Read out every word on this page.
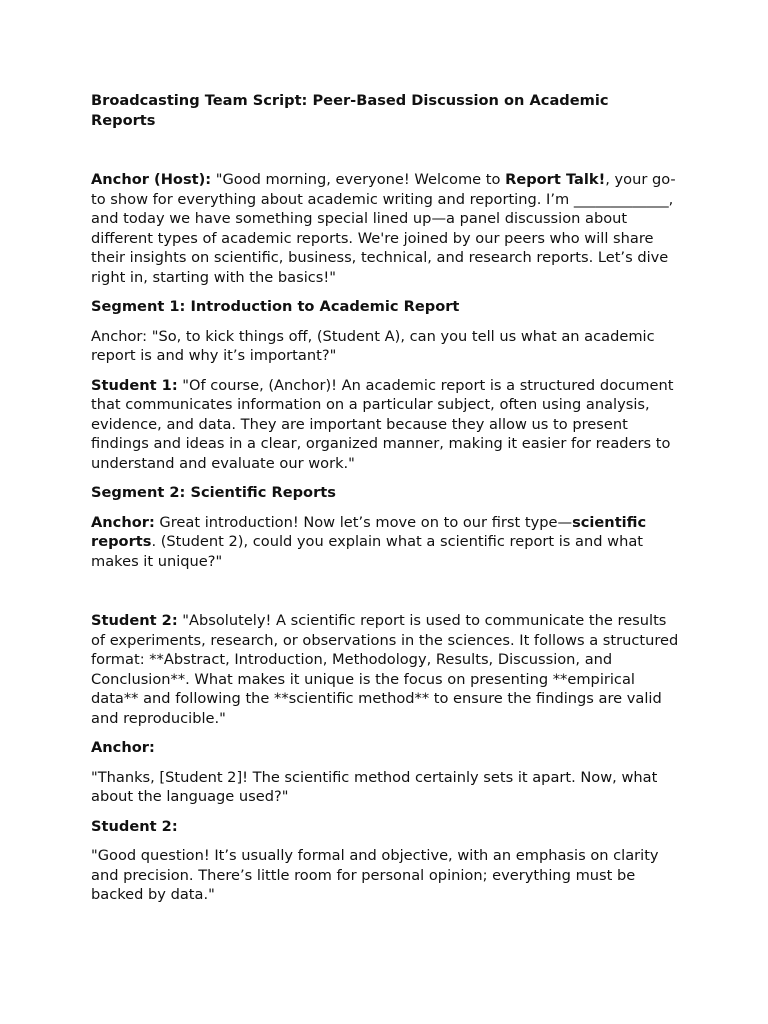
Broadcasting Team Script: Peer-Based Discussion on Academic Reports

Anchor (Host): "Good morning, everyone! Welcome to Report Talk!, your go-to show for everything about academic writing and reporting. I’m _____________, and today we have something special lined up—a panel discussion about different types of academic reports. We're joined by our peers who will share their insights on scientific, business, technical, and research reports. Let’s dive right in, starting with the basics!"

Segment 1: Introduction to Academic Report

Anchor: "So, to kick things off, (Student A), can you tell us what an academic report is and why it’s important?"

Student 1: "Of course, (Anchor)! An academic report is a structured document that communicates information on a particular subject, often using analysis, evidence, and data. They are important because they allow us to present findings and ideas in a clear, organized manner, making it easier for readers to understand and evaluate our work."

Segment 2: Scientific Reports

Anchor: Great introduction! Now let’s move on to our first type—scientific reports. (Student 2), could you explain what a scientific report is and what makes it unique?"

Student 2: "Absolutely! A scientific report is used to communicate the results of experiments, research, or observations in the sciences. It follows a structured format: **Abstract, Introduction, Methodology, Results, Discussion, and Conclusion**. What makes it unique is the focus on presenting **empirical data** and following the **scientific method** to ensure the findings are valid and reproducible."

Anchor:

"Thanks, [Student 2]! The scientific method certainly sets it apart. Now, what about the language used?"

Student 2:

"Good question! It’s usually formal and objective, with an emphasis on clarity and precision. There’s little room for personal opinion; everything must be backed by data."
